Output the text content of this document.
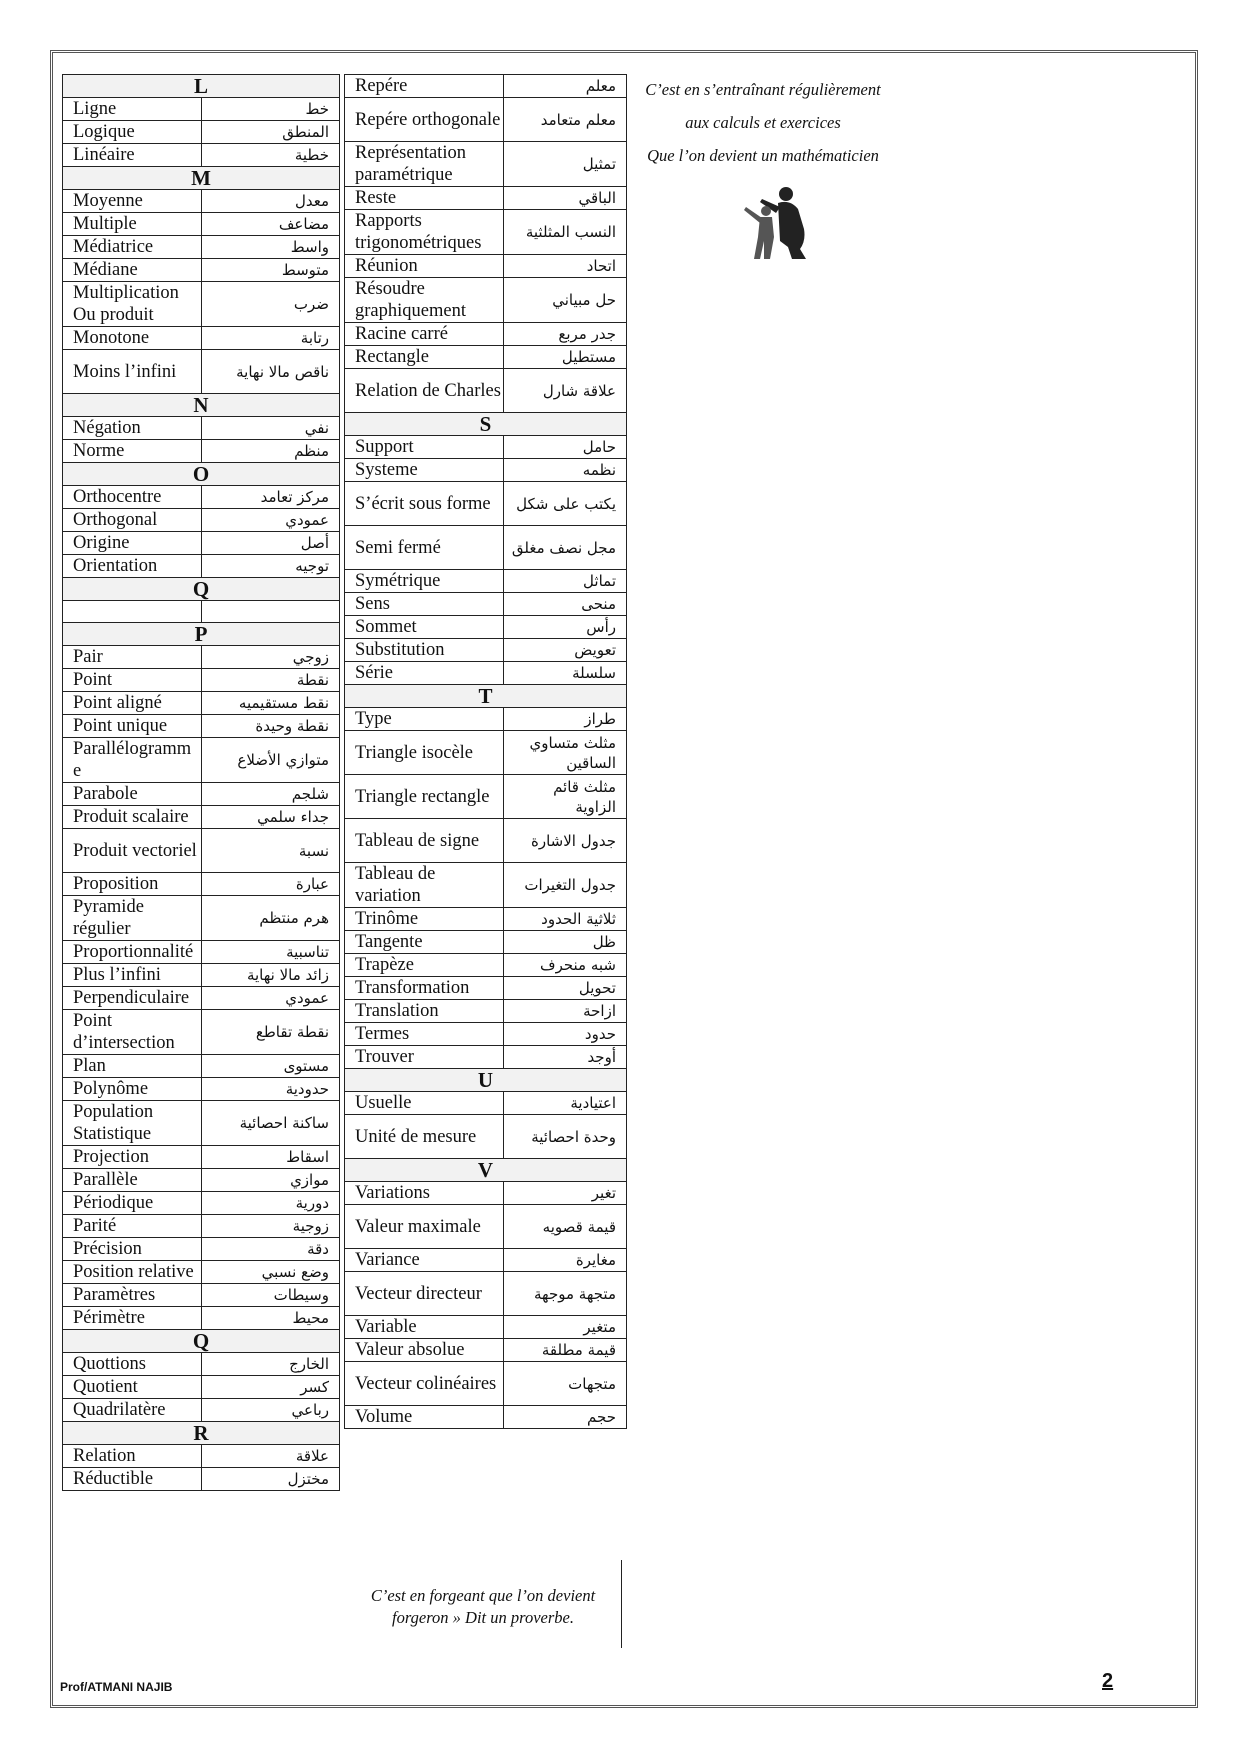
L	
Ligne	خط
Logique	المنطق
Linéaire	خطية
M	
Moyenne	معدل
Multiple	مضاعف
Médiatrice	واسط
Médiane	متوسط
Multiplication Ou produit	ضرب
Monotone	رتابة
Moins l’infini	ناقص مالا نهاية
N	
Négation	نفي
Norme	منظم
O	
Orthocentre	مركز تعامد
Orthogonal	عمودي
Origine	أصل
Orientation	توجيه
Q	

P	
Pair	زوجي
Point	نقطة
Point aligné	نقط مستقيميه
Point unique	نقطة وحيدة
Parallélogramm e	متوازي الأضلاع
Parabole	شلجم
Produit scalaire	جداء سلمي
Produit vectoriel	نسبة
Proposition	عبارة
Pyramide régulier	هرم منتظم
Proportionnalité	تناسبية
Plus l’infini	زائد مالا نهاية
Perpendiculaire	عمودي
Point d’intersection	نقطة تقاطع
Plan	مستوى
Polynôme	حدودية
Population Statistique	ساكنة احصائية
Projection	اسقاط
Parallèle	موازي
Périodique	دورية
Parité	زوجية
Précision	دقة
Position relative	وضع نسبي
Paramètres	وسيطات
Périmètre	محيط
Q	
Quottions	الخارج
Quotient	كسر
Quadrilatère	رباعي
R	
Relation	علاقة
Réductible	مختزل
Repére	معلم
Repére orthogonale	معلم متعامد
Représentation paramétrique	تمثيل
Reste	الباقي
Rapports trigonométriques	النسب المثلثية
Réunion	اتحاد
Résoudre graphiquement	حل مبياني
Racine carré	جدر مربع
Rectangle	مستطيل
Relation de Charles	علاقة شارل
S	
Support	حامل
Systeme	نظمه
S’écrit sous forme	يكتب على شكل
Semi fermé	مجل نصف مغلق
Symétrique	تماثل
Sens	منحى
Sommet	رأس
Substitution	تعويض
Série	سلسلة
T	
Type	طراز
Triangle isocèle	مثلث متساوي الساقين
Triangle rectangle	مثلث قائم الزاوية
Tableau de signe	جدول الاشارة
Tableau de variation	جدول التغيرات
Trinôme	ثلاثية الحدود
Tangente	ظل
Trapèze	شبه منحرف
Transformation	تحويل
Translation	ازاحة
Termes	حدود
Trouver	أوجد
U	
Usuelle	اعتيادية
Unité de mesure	وحدة احصائية
V	
Variations	تغير
Valeur maximale	قيمة قصويه
Variance	مغايرة
Vecteur directeur	متجهة موجهة
Variable	متغير
Valeur absolue	قيمة مطلقة
Vecteur colinéaires	متجهات
Volume	حجم
C’est en s’entraînant régulièrement
aux calculs et exercices
Que l’on devient un mathématicien
C’est en forgeant que l’on devient forgeron » Dit un proverbe.
Prof/ATMANI NAJIB	2
